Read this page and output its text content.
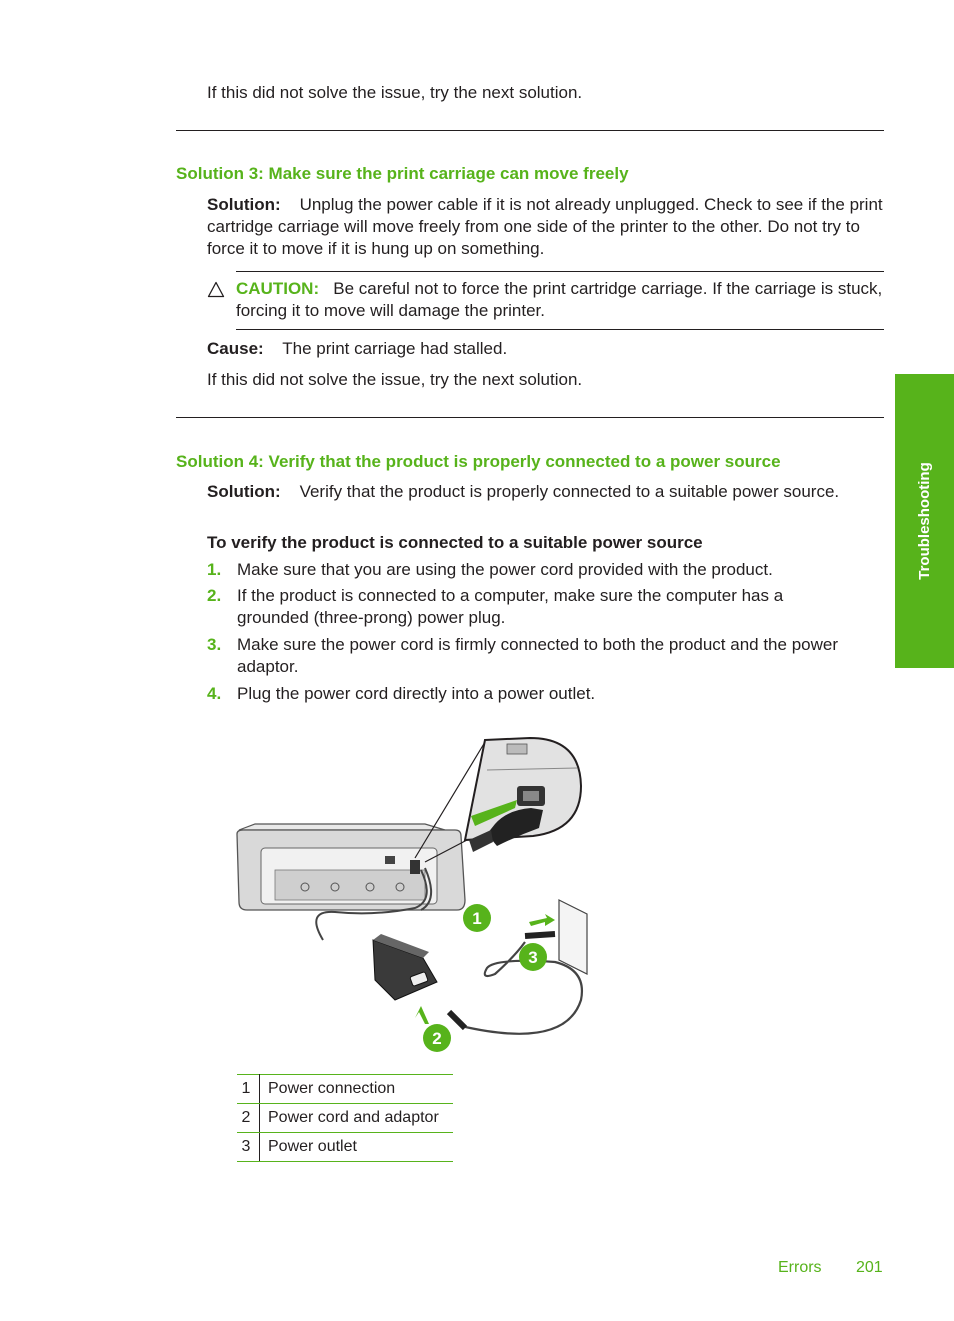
If this did not solve the issue, try the next solution.

Solution 3: Make sure the print carriage can move freely

Solution: Unplug the power cable if it is not already unplugged. Check to see if the print cartridge carriage will move freely from one side of the printer to the other. Do not try to force it to move if it is hung up on something.

CAUTION: Be careful not to force the print cartridge carriage. If the carriage is stuck, forcing it to move will damage the printer.

Cause: The print carriage had stalled.

If this did not solve the issue, try the next solution.

Solution 4: Verify that the product is properly connected to a power source

Solution: Verify that the product is properly connected to a suitable power source.

To verify the product is connected to a suitable power source

1. Make sure that you are using the power cord provided with the product.
2. If the product is connected to a computer, make sure the computer has a grounded (three-prong) power plug.
3. Make sure the power cord is firmly connected to both the product and the power adaptor.
4. Plug the power cord directly into a power outlet.
1
2
3
1	Power connection
2	Power cord and adaptor
3	Power outlet
Troubleshooting
Errors 201
